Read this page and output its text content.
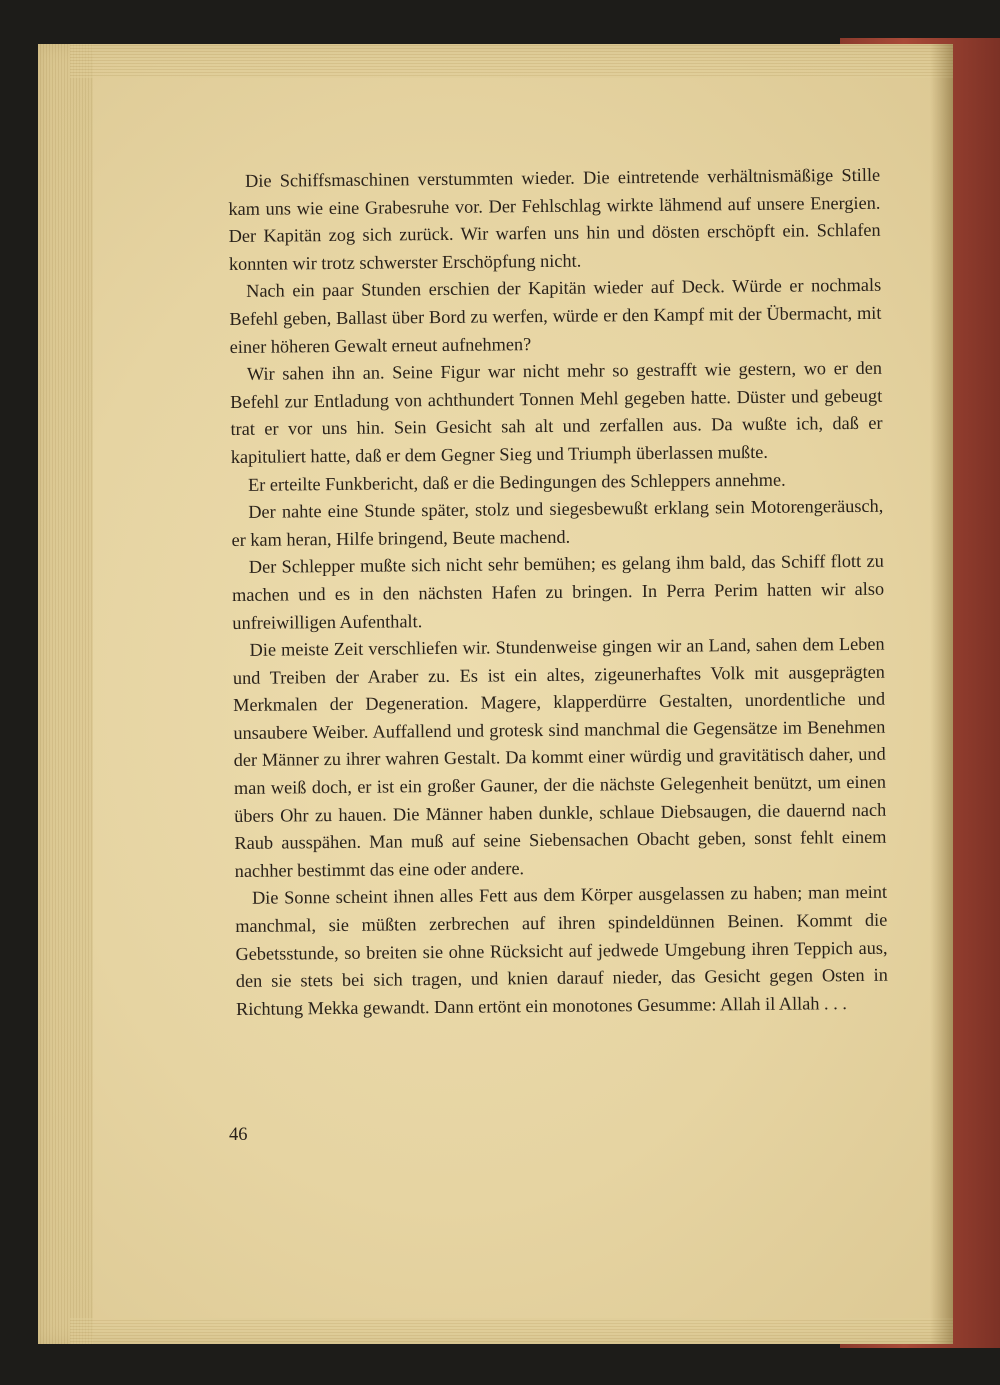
Die Schiffsmaschinen verstummten wieder. Die eintretende verhältnismäßige Stille kam uns wie eine Grabesruhe vor. Der Fehlschlag wirkte lähmend auf unsere Energien. Der Kapitän zog sich zurück. Wir warfen uns hin und dösten erschöpft ein. Schlafen konnten wir trotz schwerster Erschöpfung nicht.

Nach ein paar Stunden erschien der Kapitän wieder auf Deck. Würde er nochmals Befehl geben, Ballast über Bord zu werfen, würde er den Kampf mit der Übermacht, mit einer höheren Gewalt erneut aufnehmen?

Wir sahen ihn an. Seine Figur war nicht mehr so gestrafft wie gestern, wo er den Befehl zur Entladung von achthundert Tonnen Mehl gegeben hatte. Düster und gebeugt trat er vor uns hin. Sein Gesicht sah alt und zerfallen aus. Da wußte ich, daß er kapituliert hatte, daß er dem Gegner Sieg und Triumph überlassen mußte.

Er erteilte Funkbericht, daß er die Bedingungen des Schleppers annehme.

Der nahte eine Stunde später, stolz und siegesbewußt erklang sein Motorengeräusch, er kam heran, Hilfe bringend, Beute machend.

Der Schlepper mußte sich nicht sehr bemühen; es gelang ihm bald, das Schiff flott zu machen und es in den nächsten Hafen zu bringen. In Perra Perim hatten wir also unfreiwilligen Aufenthalt.

Die meiste Zeit verschliefen wir. Stundenweise gingen wir an Land, sahen dem Leben und Treiben der Araber zu. Es ist ein altes, zigeunerhaftes Volk mit ausgeprägten Merkmalen der Degeneration. Magere, klapperdürre Gestalten, unordentliche und unsaubere Weiber. Auffallend und grotesk sind manchmal die Gegensätze im Benehmen der Männer zu ihrer wahren Gestalt. Da kommt einer würdig und gravitätisch daher, und man weiß doch, er ist ein großer Gauner, der die nächste Gelegenheit benützt, um einen übers Ohr zu hauen. Die Männer haben dunkle, schlaue Diebsaugen, die dauernd nach Raub ausspähen. Man muß auf seine Siebensachen Obacht geben, sonst fehlt einem nachher bestimmt das eine oder andere.

Die Sonne scheint ihnen alles Fett aus dem Körper ausgelassen zu haben; man meint manchmal, sie müßten zerbrechen auf ihren spindeldünnen Beinen. Kommt die Gebetsstunde, so breiten sie ohne Rücksicht auf jedwede Umgebung ihren Teppich aus, den sie stets bei sich tragen, und knien darauf nieder, das Gesicht gegen Osten in Richtung Mekka gewandt. Dann ertönt ein monotones Gesumme: Allah il Allah . . .

46
